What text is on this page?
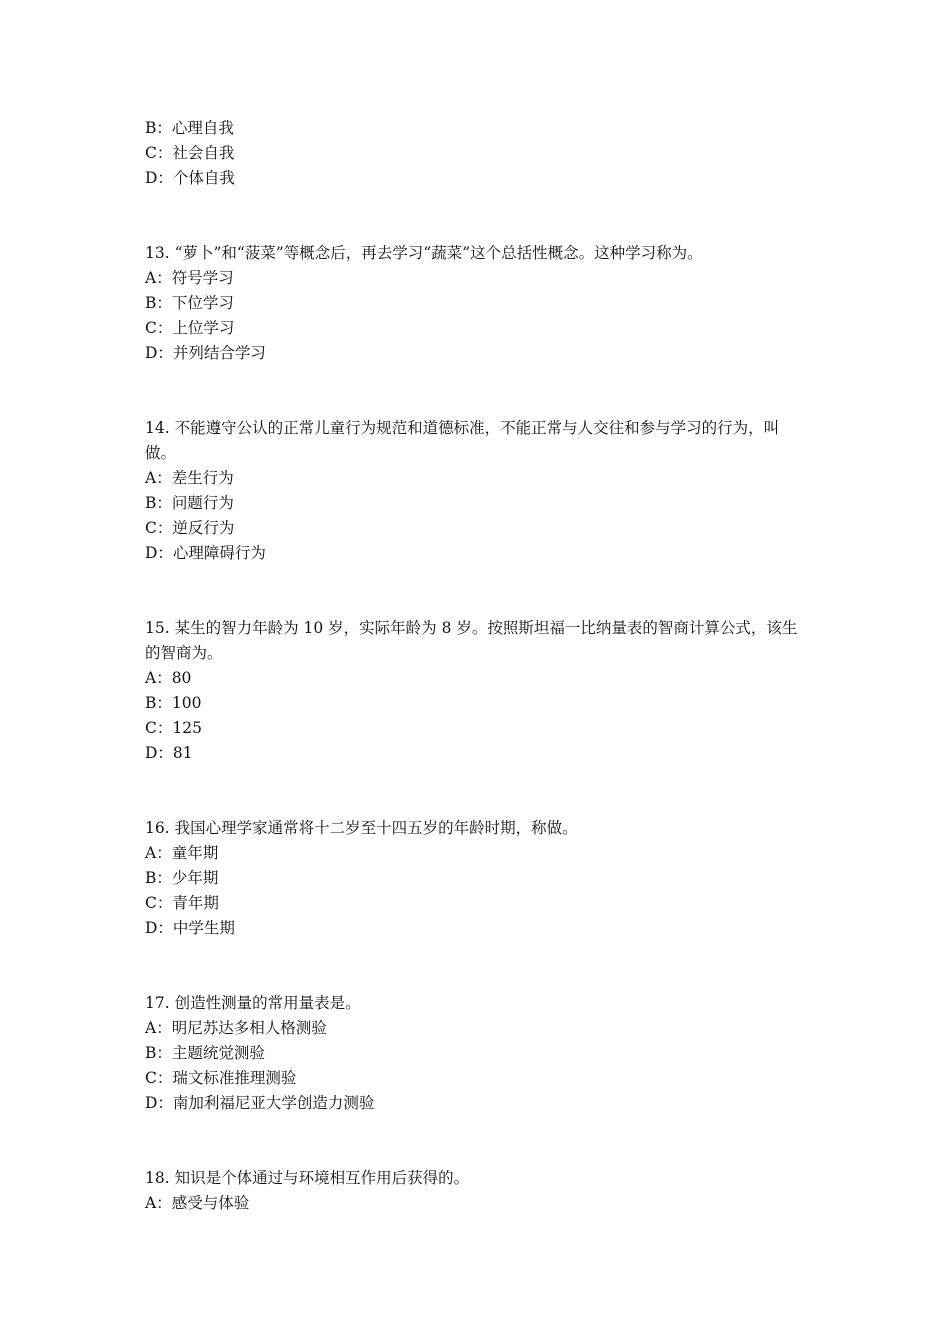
B：心理自我
C：社会自我
D：个体自我
13. “萝卜”和“菠菜”等概念后，再去学习“蔬菜”这个总括性概念。这种学习称为。
A：符号学习
B：下位学习
C：上位学习
D：并列结合学习
14. 不能遵守公认的正常儿童行为规范和道德标准，不能正常与人交往和参与学习的行为，叫做。
A：差生行为
B：问题行为
C：逆反行为
D：心理障碍行为
15. 某生的智力年龄为 10 岁，实际年龄为 8 岁。按照斯坦福一比纳量表的智商计算公式，该生的智商为。
A：80
B：100
C：125
D：81
16. 我国心理学家通常将十二岁至十四五岁的年龄时期，称做。
A：童年期
B：少年期
C：青年期
D：中学生期
17. 创造性测量的常用量表是。
A：明尼苏达多相人格测验
B：主题统觉测验
C：瑞文标准推理测验
D：南加利福尼亚大学创造力测验
18. 知识是个体通过与环境相互作用后获得的。
A：感受与体验
